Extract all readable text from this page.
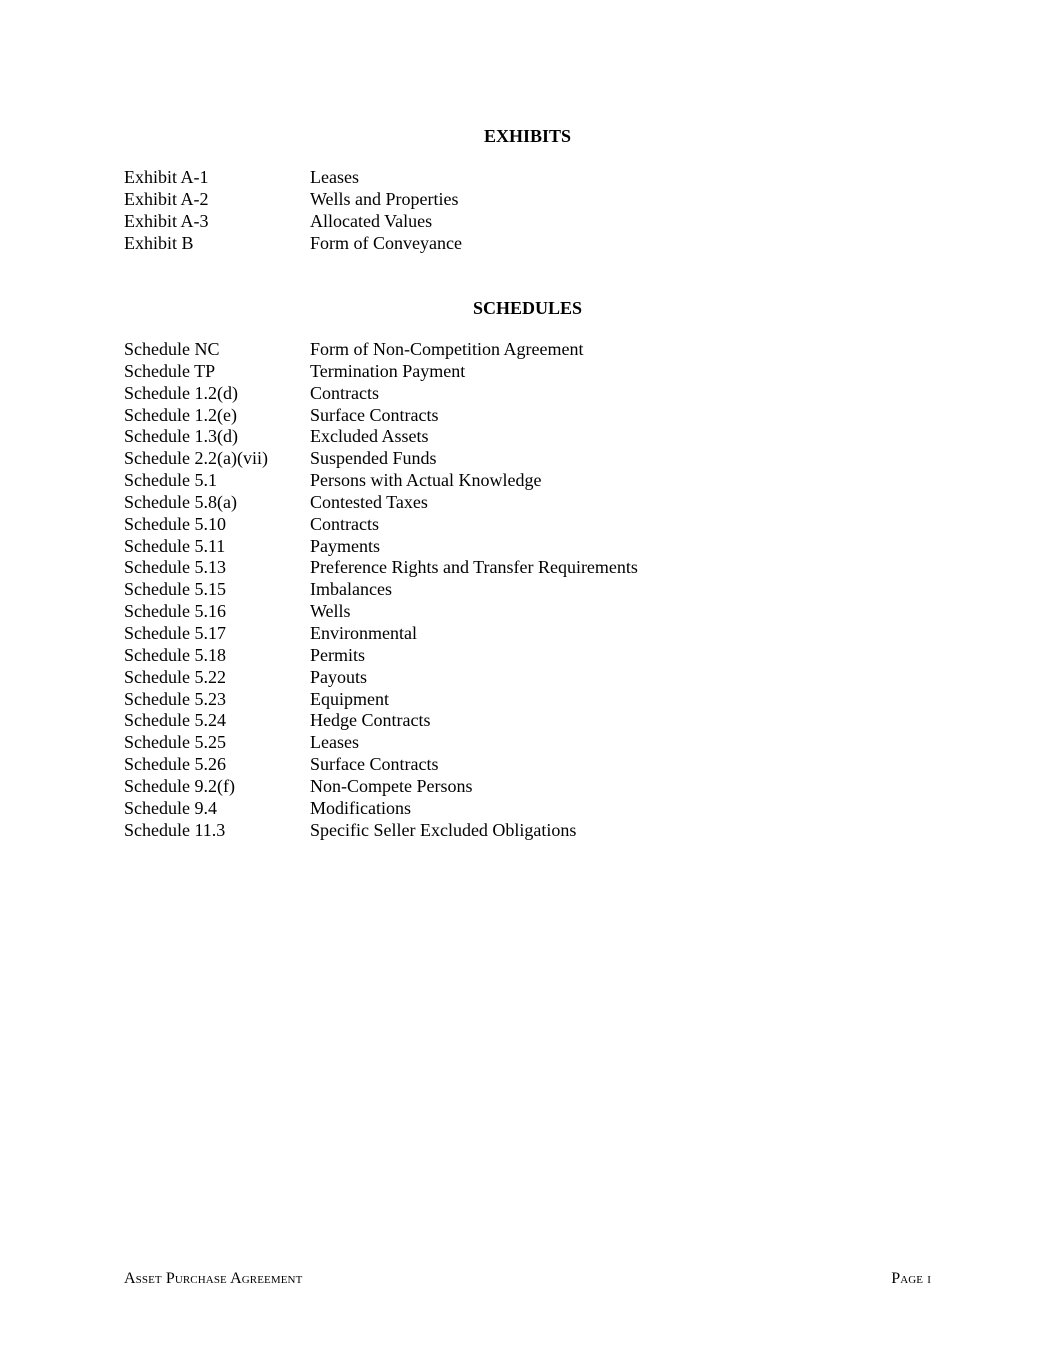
EXHIBITS
Exhibit A-1	Leases
Exhibit A-2	Wells and Properties
Exhibit A-3	Allocated Values
Exhibit B	Form of Conveyance
SCHEDULES
Schedule NC	Form of Non-Competition Agreement
Schedule TP	Termination Payment
Schedule 1.2(d)	Contracts
Schedule 1.2(e)	Surface Contracts
Schedule 1.3(d)	Excluded Assets
Schedule 2.2(a)(vii)	Suspended Funds
Schedule 5.1	Persons with Actual Knowledge
Schedule 5.8(a)	Contested Taxes
Schedule 5.10	Contracts
Schedule 5.11	Payments
Schedule 5.13	Preference Rights and Transfer Requirements
Schedule 5.15	Imbalances
Schedule 5.16	Wells
Schedule 5.17	Environmental
Schedule 5.18	Permits
Schedule 5.22	Payouts
Schedule 5.23	Equipment
Schedule 5.24	Hedge Contracts
Schedule 5.25	Leases
Schedule 5.26	Surface Contracts
Schedule 9.2(f)	Non-Compete Persons
Schedule 9.4	Modifications
Schedule 11.3	Specific Seller Excluded Obligations
Asset Purchase Agreement	Page i
